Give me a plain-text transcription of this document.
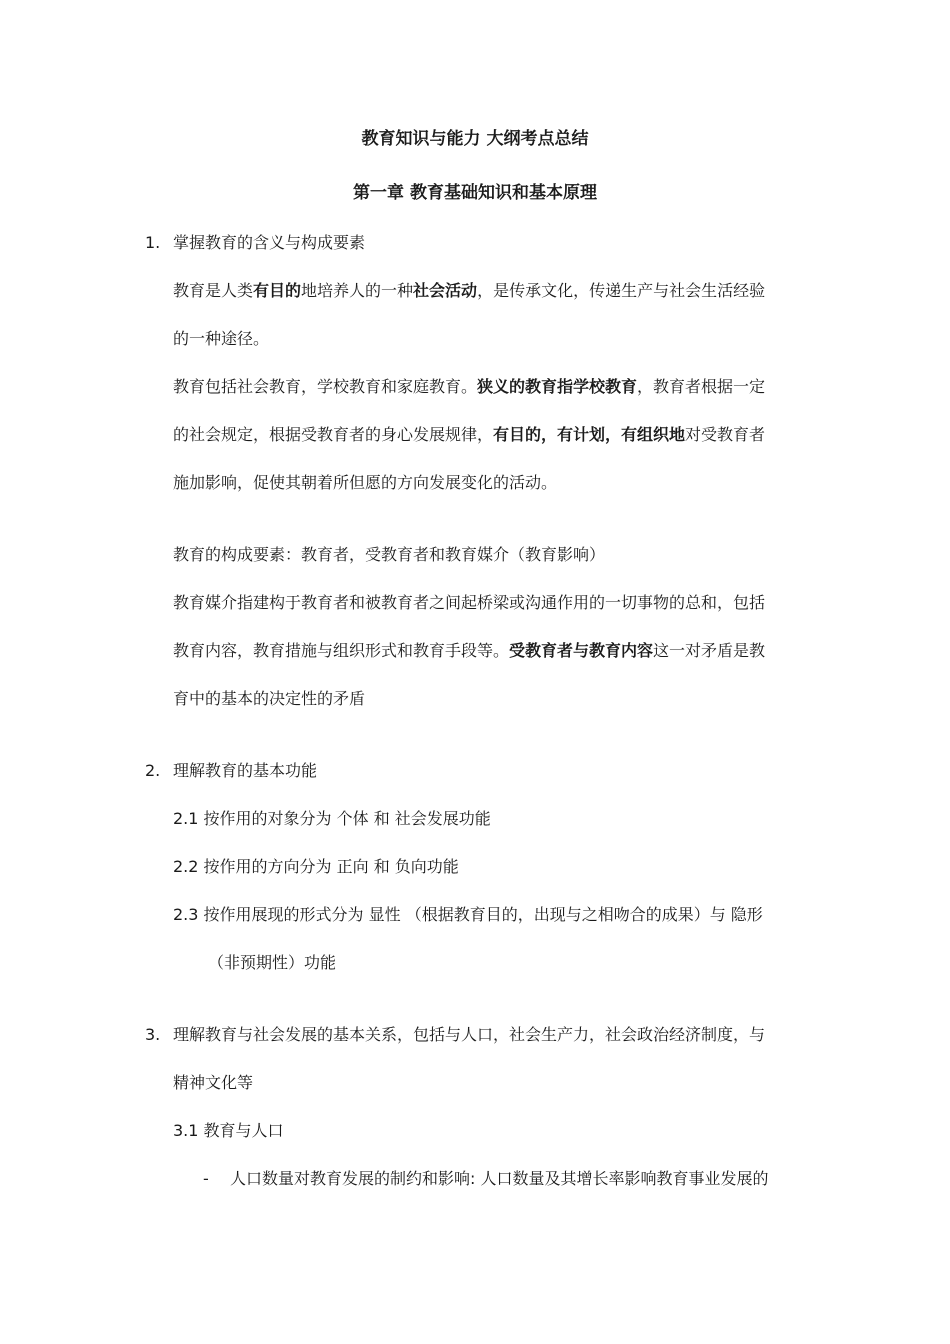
教育知识与能力 大纲考点总结

第一章 教育基础知识和基本原理

1. 掌握教育的含义与构成要素

教育是人类有目的地培养人的一种社会活动，是传承文化，传递生产与社会生活经验

的一种途径。

教育包括社会教育，学校教育和家庭教育。狭义的教育指学校教育，教育者根据一定

的社会规定，根据受教育者的身心发展规律，有目的，有计划，有组织地对受教育者

施加影响，促使其朝着所但愿的方向发展变化的活动。

教育的构成要素：教育者，受教育者和教育媒介（教育影响）

教育媒介指建构于教育者和被教育者之间起桥梁或沟通作用的一切事物的总和，包括

教育内容，教育措施与组织形式和教育手段等。受教育者与教育内容这一对矛盾是教

育中的基本的决定性的矛盾

2. 理解教育的基本功能

2.1 按作用的对象分为 个体 和 社会发展功能

2.2 按作用的方向分为 正向 和 负向功能

2.3 按作用展现的形式分为 显性 （根据教育目的，出现与之相吻合的成果）与 隐形

（非预期性）功能

3. 理解教育与社会发展的基本关系，包括与人口，社会生产力，社会政治经济制度，与

精神文化等

3.1 教育与人口

- 人口数量对教育发展的制约和影响: 人口数量及其增长率影响教育事业发展的
